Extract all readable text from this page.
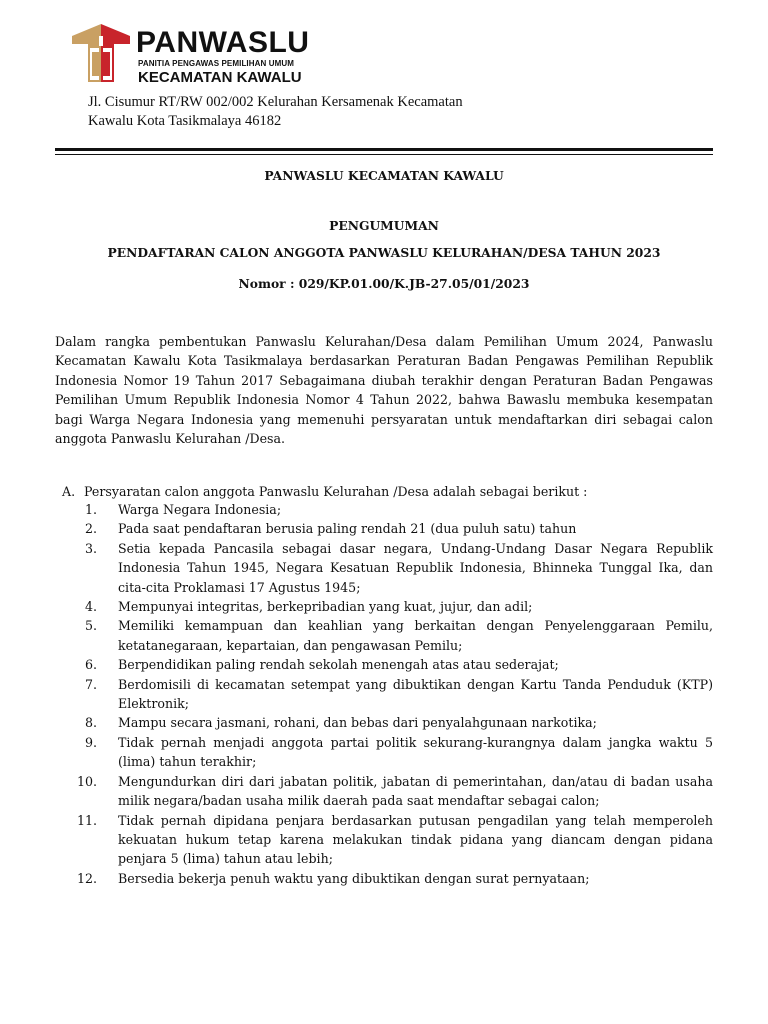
PANWASLU
PANITIA PENGAWAS PEMILIHAN UMUM
KECAMATAN KAWALU
Jl. Cisumur RT/RW 002/002 Kelurahan Kersamenak Kecamatan
Kawalu Kota Tasikmalaya 46182
PANWASLU KECAMATAN KAWALU
PENGUMUMAN
PENDAFTARAN CALON ANGGOTA PANWASLU KELURAHAN/DESA TAHUN 2023
Nomor : 029/KP.01.00/K.JB-27.05/01/2023

Dalam rangka pembentukan Panwaslu Kelurahan/Desa dalam Pemilihan Umum 2024, Panwaslu Kecamatan Kawalu Kota Tasikmalaya berdasarkan Peraturan Badan Pengawas Pemilihan Republik Indonesia Nomor 19 Tahun 2017 Sebagaimana diubah terakhir dengan Peraturan Badan Pengawas Pemilihan Umum Republik Indonesia Nomor 4 Tahun 2022, bahwa Bawaslu membuka kesempatan bagi Warga Negara Indonesia yang memenuhi persyaratan untuk mendaftarkan diri sebagai calon anggota Panwaslu Kelurahan /Desa.

A. Persyaratan calon anggota Panwaslu Kelurahan /Desa adalah sebagai berikut :
1. Warga Negara Indonesia;
2. Pada saat pendaftaran berusia paling rendah 21 (dua puluh satu) tahun
3. Setia kepada Pancasila sebagai dasar negara, Undang-Undang Dasar Negara Republik Indonesia Tahun 1945, Negara Kesatuan Republik Indonesia, Bhinneka Tunggal Ika, dan cita-cita Proklamasi 17 Agustus 1945;
4. Mempunyai integritas, berkepribadian yang kuat, jujur, dan adil;
5. Memiliki kemampuan dan keahlian yang berkaitan dengan Penyelenggaraan Pemilu, ketatanegaraan, kepartaian, dan pengawasan Pemilu;
6. Berpendidikan paling rendah sekolah menengah atas atau sederajat;
7. Berdomisili di kecamatan setempat yang dibuktikan dengan Kartu Tanda Penduduk (KTP) Elektronik;
8. Mampu secara jasmani, rohani, dan bebas dari penyalahgunaan narkotika;
9. Tidak pernah menjadi anggota partai politik sekurang-kurangnya dalam jangka waktu 5 (lima) tahun terakhir;
10. Mengundurkan diri dari jabatan politik, jabatan di pemerintahan, dan/atau di badan usaha milik negara/badan usaha milik daerah pada saat mendaftar sebagai calon;
11. Tidak pernah dipidana penjara berdasarkan putusan pengadilan yang telah memperoleh kekuatan hukum tetap karena melakukan tindak pidana yang diancam dengan pidana penjara 5 (lima) tahun atau lebih;
12. Bersedia bekerja penuh waktu yang dibuktikan dengan surat pernyataan;
